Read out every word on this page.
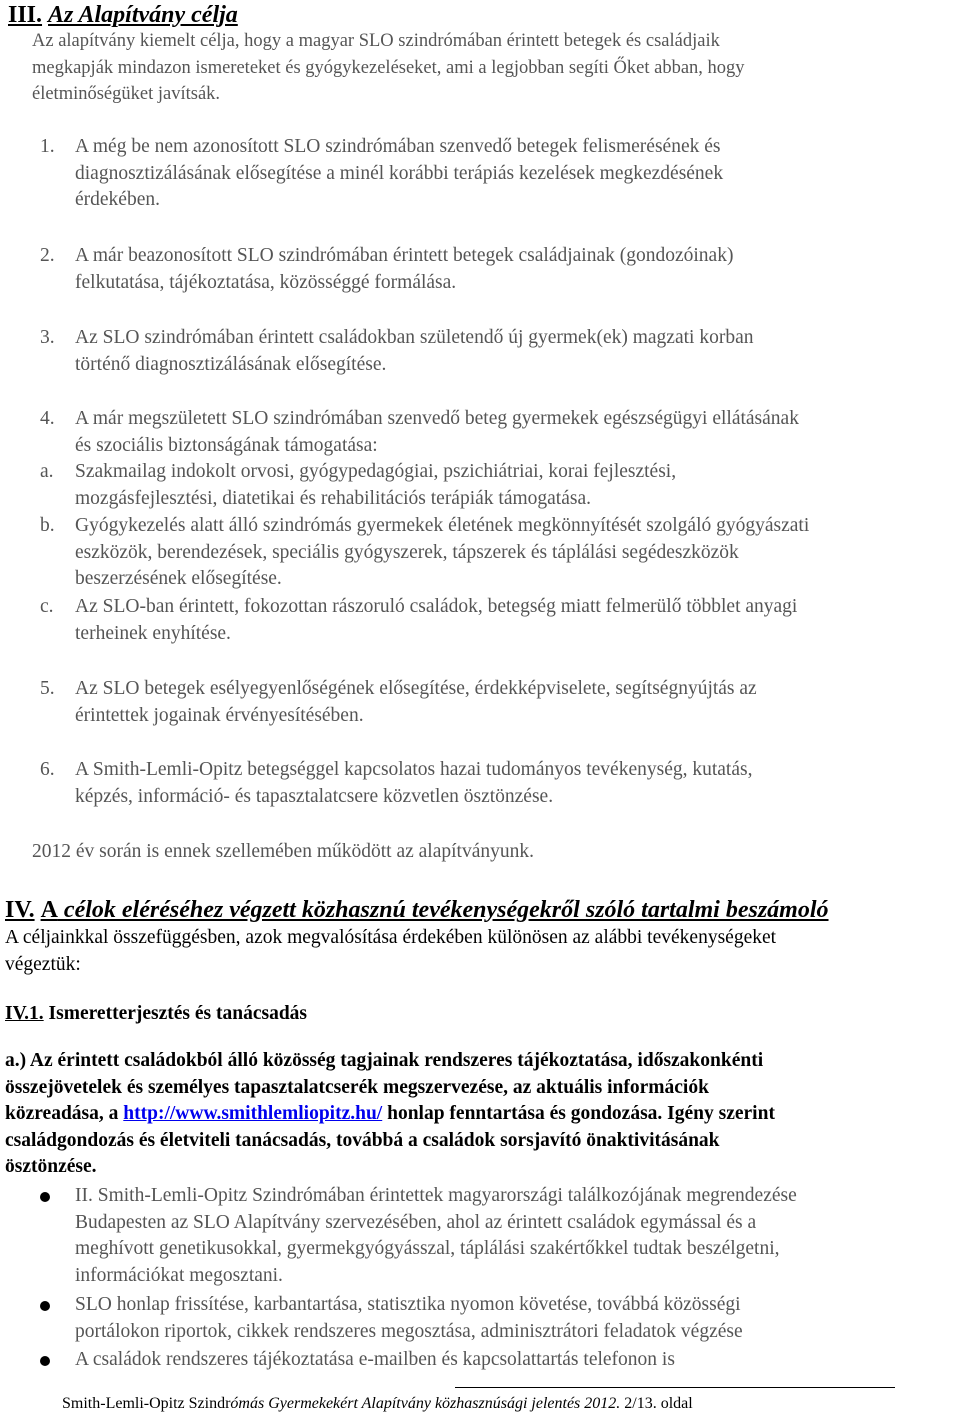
III. Az Alapítvány célja
Az alapítvány kiemelt célja, hogy a magyar SLO szindrómában érintett betegek és családjaik
megkapják mindazon ismereteket és gyógykezeléseket, ami a legjobban segíti Őket abban, hogy
életminőségüket javítsák.
1. A még be nem azonosított SLO szindrómában szenvedő betegek felismerésének és
diagnosztizálásának elősegítése a minél korábbi terápiás kezelések megkezdésének
érdekében.
2. A már beazonosított SLO szindrómában érintett betegek családjainak (gondozóinak)
felkutatása, tájékoztatása, közösséggé formálása.
3. Az SLO szindrómában érintett családokban születendő új gyermek(ek) magzati korban
történő diagnosztizálásának elősegítése.
4. A már megszületett SLO szindrómában szenvedő beteg gyermekek egészségügyi ellátásának
és szociális biztonságának támogatása:
a. Szakmailag indokolt orvosi, gyógypedagógiai, pszichiátriai, korai fejlesztési,
mozgásfejlesztési, diatetikai és rehabilitációs terápiák támogatása.
b. Gyógykezelés alatt álló szindrómás gyermekek életének megkönnyítését szolgáló gyógyászati
eszközök, berendezések, speciális gyógyszerek, tápszerek és táplálási segédeszközök
beszerzésének elősegítése.
c. Az SLO-ban érintett, fokozottan rászoruló családok, betegség miatt felmerülő többlet anyagi
terheinek enyhítése.
5. Az SLO betegek esélyegyenlőségének elősegítése, érdekképviselete, segítségnyújtás az
érintettek jogainak érvényesítésében.
6. A Smith-Lemli-Opitz betegséggel kapcsolatos hazai tudományos tevékenység, kutatás,
képzés, információ- és tapasztalatcsere közvetlen ösztönzése.
2012 év során is ennek szellemében működött az alapítványunk.
IV. A célok eléréséhez végzett közhasznú tevékenységekről szóló tartalmi beszámoló
A céljainkkal összefüggésben, azok megvalósítása érdekében különösen az alábbi tevékenységeket
végeztük:
IV.1. Ismeretterjesztés és tanácsadás
a.) Az érintett családokból álló közösség tagjainak rendszeres tájékoztatása, időszakonkénti
összejövetelek és személyes tapasztalatcserék megszervezése, az aktuális információk
közreadása, a http://www.smithlemliopitz.hu/ honlap fenntartása és gondozása. Igény szerint
családgondozás és életviteli tanácsadás, továbbá a családok sorsjavító önaktivitásának
ösztönzése.
II. Smith-Lemli-Opitz Szindrómában érintettek magyarországi találkozójának megrendezése
Budapesten az SLO Alapítvány szervezésében, ahol az érintett családok egymással és a
meghívott genetikusokkal, gyermekgyógyásszal, táplálási szakértőkkel tudtak beszélgetni,
információkat megosztani.
SLO honlap frissítése, karbantartása, statisztika nyomon követése, továbbá közösségi
portálokon riportok, cikkek rendszeres megosztása, adminisztrátori feladatok végzése
A családok rendszeres tájékoztatása e-mailben és kapcsolattartás telefonon is
Smith-Lemli-Opitz Szindrómás Gyermekekért Alapítvány közhasznúsági jelentés 2012. 2/13. oldal
